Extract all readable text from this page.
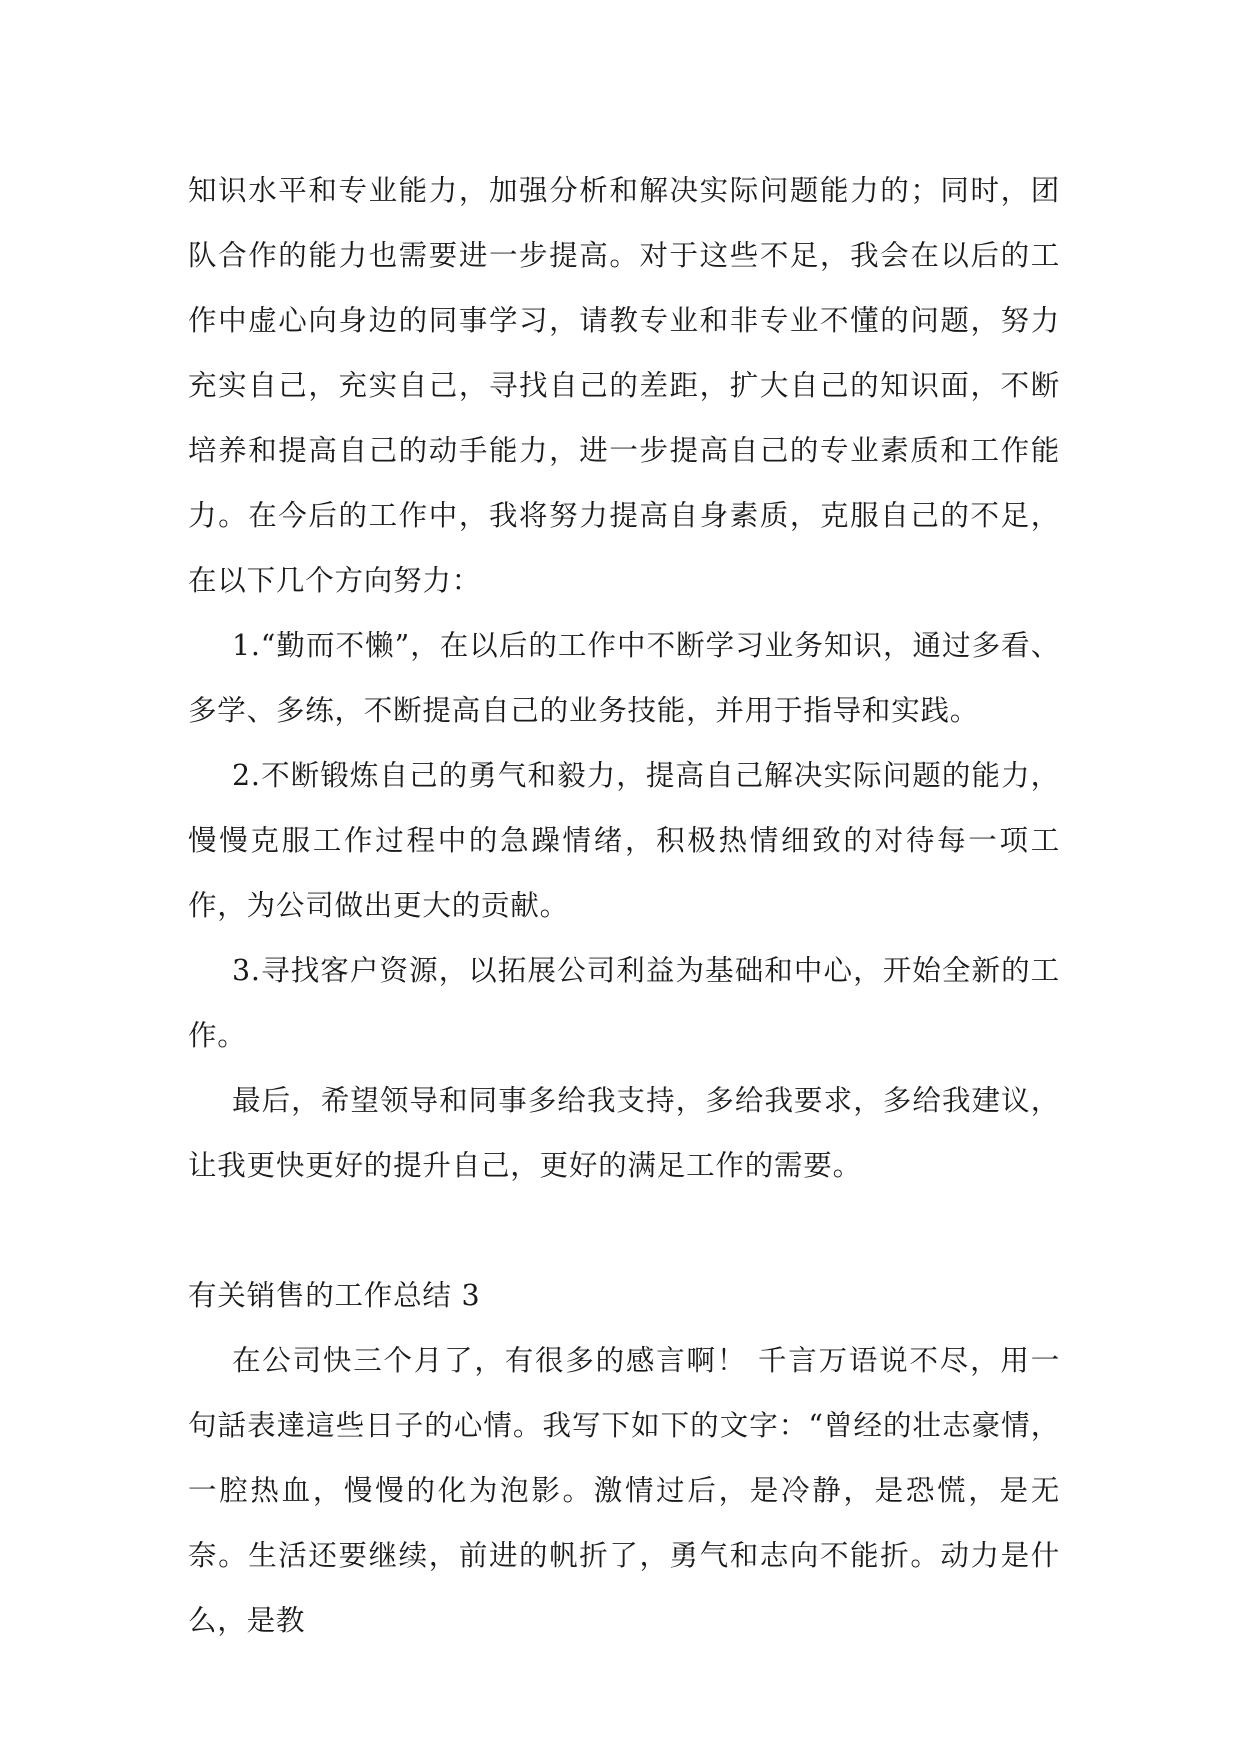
知识水平和专业能力，加强分析和解决实际问题能力的；同时，团队合作的能力也需要进一步提高。对于这些不足，我会在以后的工作中虚心向身边的同事学习，请教专业和非专业不懂的问题，努力充实自己，充实自己，寻找自己的差距，扩大自己的知识面，不断培养和提高自己的动手能力，进一步提高自己的专业素质和工作能力。在今后的工作中，我将努力提高自身素质，克服自己的不足，在以下几个方向努力：

1.“勤而不懒”，在以后的工作中不断学习业务知识，通过多看、多学、多练，不断提高自己的业务技能，并用于指导和实践。

2.不断锻炼自己的勇气和毅力，提高自己解决实际问题的能力，慢慢克服工作过程中的急躁情绪，积极热情细致的对待每一项工作，为公司做出更大的贡献。

3.寻找客户资源，以拓展公司利益为基础和中心，开始全新的工作。

最后，希望领导和同事多给我支持，多给我要求，多给我建议，让我更快更好的提升自己，更好的满足工作的需要。

有关销售的工作总结 3

在公司快三个月了，有很多的感言啊！ 千言万语说不尽，用一句話表達這些日子的心情。我写下如下的文字：“曾经的壮志豪情，一腔热血，慢慢的化为泡影。激情过后，是冷静，是恐慌，是无奈。生活还要继续，前进的帆折了，勇气和志向不能折。动力是什么，是教
